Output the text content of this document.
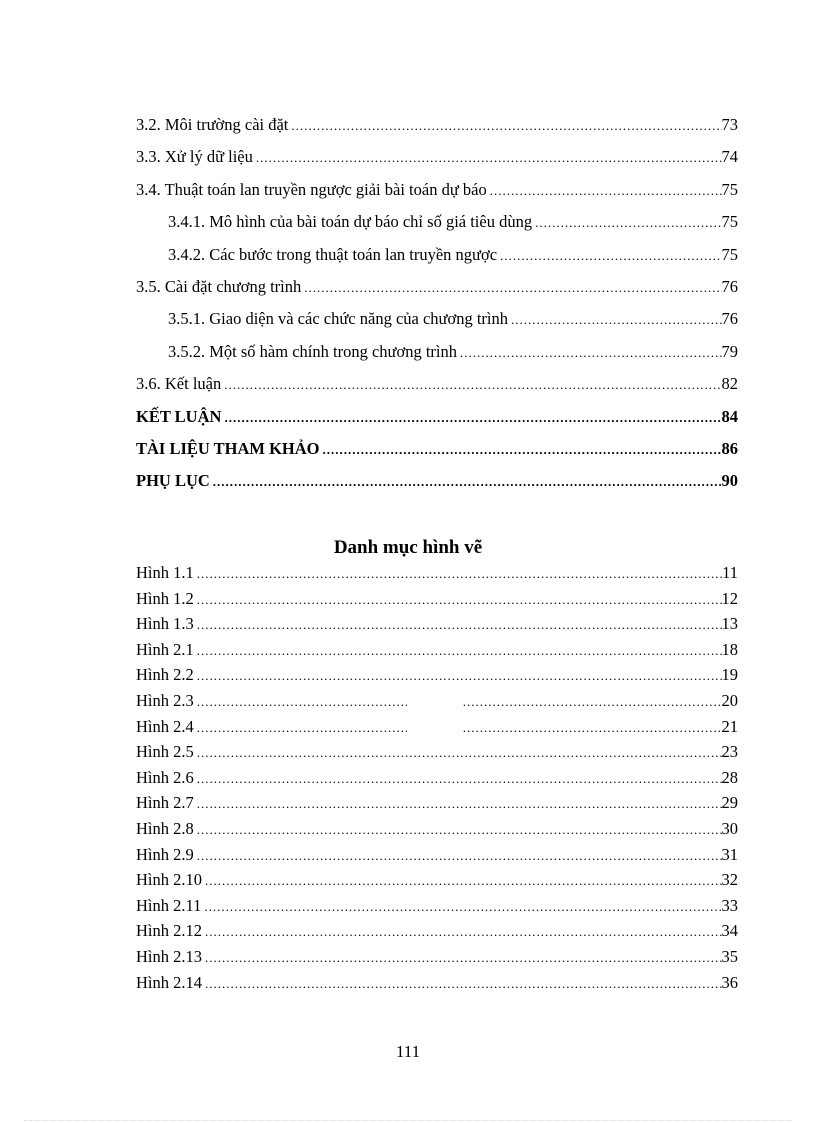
3.2. Môi trường cài đặt .....	73
3.3. Xử lý dữ liệu .....	74
3.4. Thuật toán lan truyền ngược giải bài toán dự báo .....	75
3.4.1. Mô hình của bài toán dự báo chỉ số giá tiêu dùng .....	75
3.4.2. Các bước trong thuật toán lan truyền ngược .....	75
3.5. Cài đặt chương trình .....	76
3.5.1. Giao diện và các chức năng của chương trình .....	76
3.5.2. Một số hàm chính trong chương trình .....	79
3.6. Kết luận .....	82
KẾT LUẬN .....	84
TÀI LIỆU THAM KHẢO .....	86
PHỤ LỤC .....	90
Danh mục hình vẽ
Hình 1.1 .....	11
Hình 1.2 .....	12
Hình 1.3 .....	13
Hình 2.1 .....	18
Hình 2.2 .....	19
Hình 2.3 ..... .....	20
Hình 2.4 ..... .....	21
Hình 2.5 .....	23
Hình 2.6 .....	28
Hình 2.7 .....	29
Hình 2.8 .....	30
Hình 2.9 .....	31
Hình 2.10 .....	32
Hình 2.11 .....	33
Hình 2.12 .....	34
Hình 2.13 .....	35
Hình 2.14 .....	36
111
